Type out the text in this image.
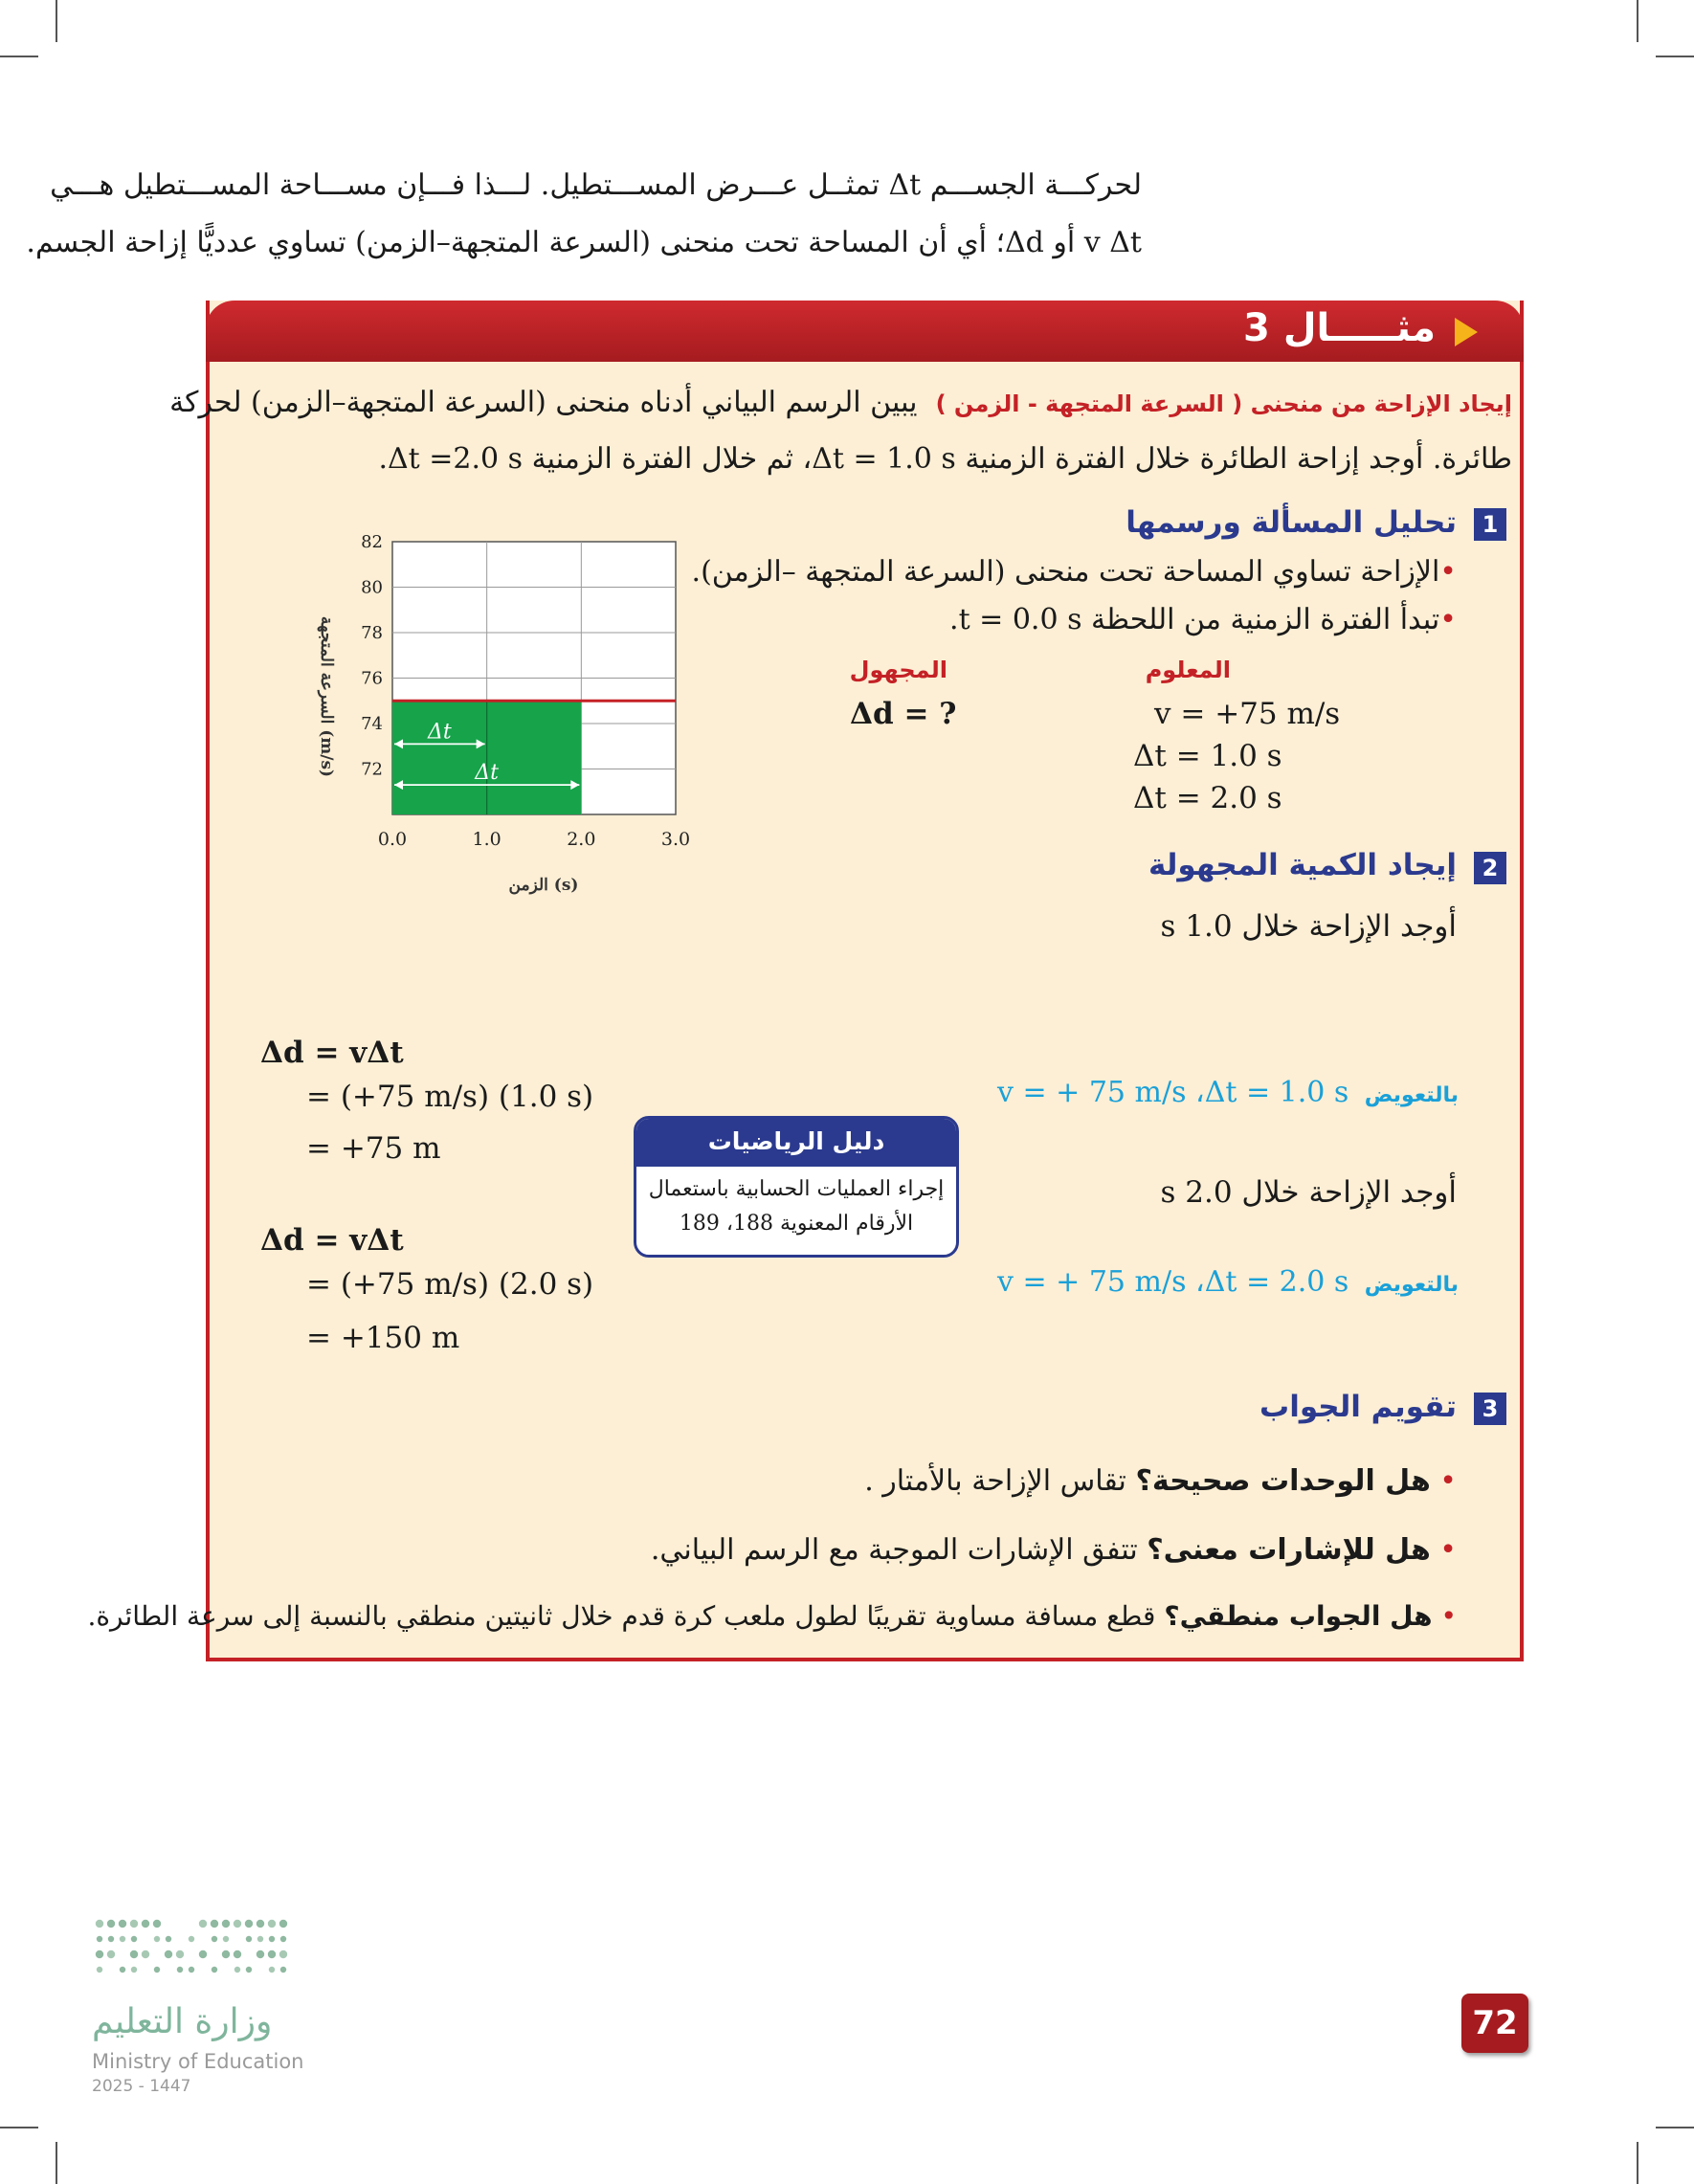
لحركـــة الجســـم Δt تمثــل عـــرض المســـتطيل. لـــذا فـــإن مســـاحة المســـتطيل هـــي
v Δt أو Δd؛ أي أن المساحة تحت منحنى (السرعة المتجهة–الزمن) تساوي عدديًّا إزاحة الجسم.
مثـــــال 3
إيجاد الإزاحة من منحنى ( السرعة المتجهة - الزمن )  يبين الرسم البياني أدناه منحنى (السرعة المتجهة–الزمن) لحركة
طائرة. أوجد إزاحة الطائرة خلال الفترة الزمنية Δt = 1.0 s، ثم خلال الفترة الزمنية Δt =2.0 s.
1
تحليل المسألة ورسمها
•الإزاحة تساوي المساحة تحت منحنى (السرعة المتجهة –الزمن).
•تبدأ الفترة الزمنية من اللحظة t = 0.0 s.
المعلوم
المجهول
v = +75 m/s
Δt = 1.0 s
Δt = 2.0 s
Δd = ?
Δt
Δt
0.0	1.0	2.0	3.0
72
74
76
78
80
82
الزمن (s)
السرعة المتجهة (m/s)
2
إيجاد الكمية المجهولة
أوجد الإزاحة خلال 1.0 s
بالتعويض
v = + 75 m/s ،Δt = 1.0 s
Δd = vΔt
= (+75 m/s) (1.0 s)
= +75 m
أوجد الإزاحة خلال 2.0 s
بالتعويض
v = + 75 m/s ،Δt = 2.0 s
Δd = vΔt
= (+75 m/s) (2.0 s)
= +150 m
دليل الرياضيات
إجراء العمليات الحسابية باستعمال
الأرقام المعنوية 188، 189
3
تقويم الجواب
• هل الوحدات صحيحة؟ تقاس الإزاحة بالأمتار .
• هل للإشارات معنى؟ تتفق الإشارات الموجبة مع الرسم البياني.
• هل الجواب منطقي؟ قطع مسافة مساوية تقريبًا لطول ملعب كرة قدم خلال ثانيتين منطقي بالنسبة إلى سرعة الطائرة.
وزارة التعليم
Ministry of Education
2025 - 1447
72
